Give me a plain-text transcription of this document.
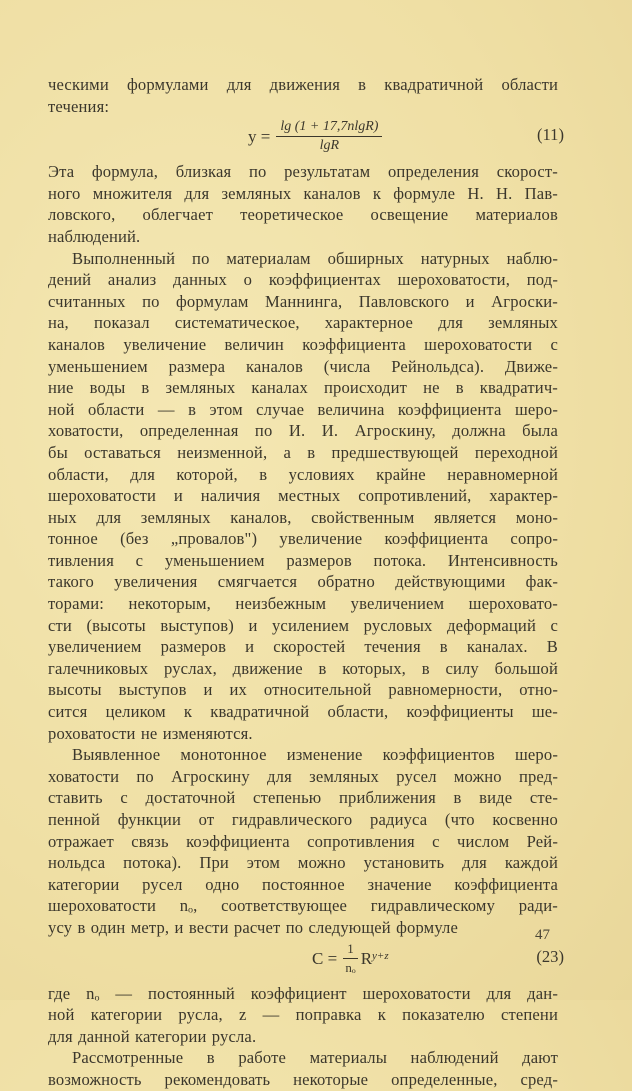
ческими формулами для движения в квадратичной области
течения:
$у = \frac{\lg (1 + 17,7nlgR)}{\lg R}$	(11)
Эта формула, близкая по результатам определения скорост-
ного множителя для земляных каналов к формуле Н. Н. Пав-
ловского, облегчает теоретическое освещение материалов
наблюдений.
Выполненный по материалам обширных натурных наблю-
дений анализ данных о коэффициентах шероховатости, под-
считанных по формулам Маннинга, Павловского и Агроски-
на, показал систематическое, характерное для земляных
каналов увеличение величин коэффициента шероховатости с
уменьшением размера каналов (числа Рейнольдса). Движе-
ние воды в земляных каналах происходит не в квадратич-
ной области — в этом случае величина коэффициента шеро-
ховатости, определенная по И. И. Агроскину, должна была
бы оставаться неизменной, а в предшествующей переходной
области, для которой, в условиях крайне неравномерной
шероховатости и наличия местных сопротивлений, характер-
ных для земляных каналов, свойственным является моно-
тонное (без „провалов") увеличение коэффициента сопро-
тивления с уменьшением размеров потока. Интенсивность
такого увеличения смягчается обратно действующими фак-
торами: некоторым, неизбежным увеличением шероховато-
сти (высоты выступов) и усилением русловых деформаций с
увеличением размеров и скоростей течения в каналах. В
галечниковых руслах, движение в которых, в силу большой
высоты выступов и их относительной равномерности, отно-
сится целиком к квадратичной области, коэффициенты ше-
роховатости не изменяются.
Выявленное монотонное изменение коэффициентов шеро-
ховатости по Агроскину для земляных русел можно пред-
ставить с достаточной степенью приближения в виде сте-
пенной функции от гидравлического радиуса (что косвенно
отражает связь коэффициента сопротивления с числом Рей-
нольдса потока). При этом можно установить для каждой
категории русел одно постоянное значение коэффициента
шероховатости nₒ, соответствующее гидравлическому ради-
усу в один метр, и вести расчет по следующей формуле
$C = \frac{1}{\text{nₒ}} R^{y+z}$	(23)
где nₒ — постоянный коэффициент шероховатости для дан-
ной категории русла, z — поправка к показателю степени
для данной категории русла.
Рассмотренные в работе материалы наблюдений дают
возможность рекомендовать некоторые определенные, сред-
47
